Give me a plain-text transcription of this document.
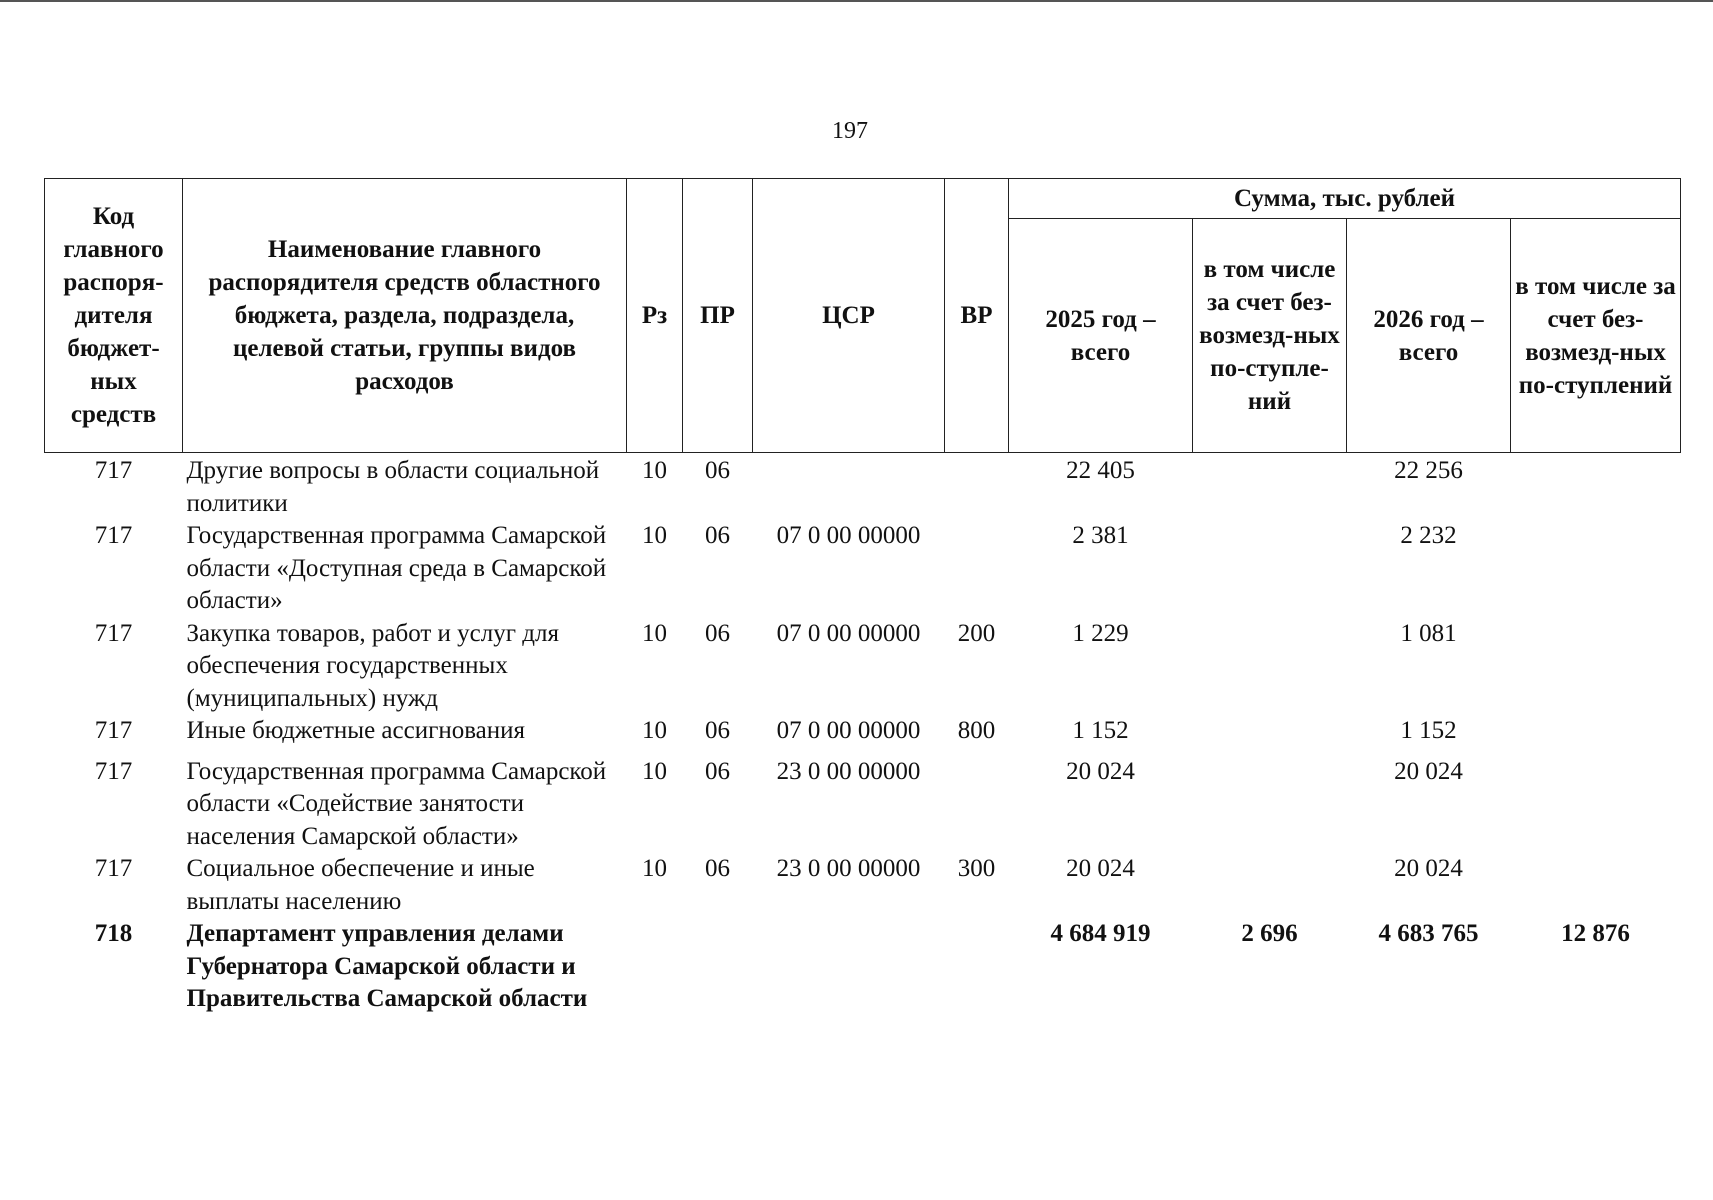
197
Код главного распоря-дителя бюджет-ных средств	Наименование главного распорядителя средств областного бюджета, раздела, подраздела, целевой статьи, группы видов расходов	Рз	ПР	ЦСР	ВР	Сумма, тыс. рублей			
						2025 год – всего	в том числе за счет без-возмезд-ных по-ступле-ний	2026 год – всего	в том числе за счет без-возмезд-ных по-ступлений
717	Другие вопросы в области социальной политики	10	06			22 405		22 256	
717	Государственная программа Самарской области «Доступная среда в Самарской области»	10	06	07 0 00 00000		2 381		2 232	
717	Закупка товаров, работ и услуг для обеспечения государственных (муниципальных) нужд	10	06	07 0 00 00000	200	1 229		1 081	
717	Иные бюджетные ассигнования	10	06	07 0 00 00000	800	1 152		1 152	
717	Государственная программа Самарской области «Содействие занятости населения Самарской области»	10	06	23 0 00 00000		20 024		20 024	
717	Социальное обеспечение и иные выплаты населению	10	06	23 0 00 00000	300	20 024		20 024	
718	Департамент управления делами Губернатора Самарской области и Правительства Самарской области					4 684 919	2 696	4 683 765	12 876
